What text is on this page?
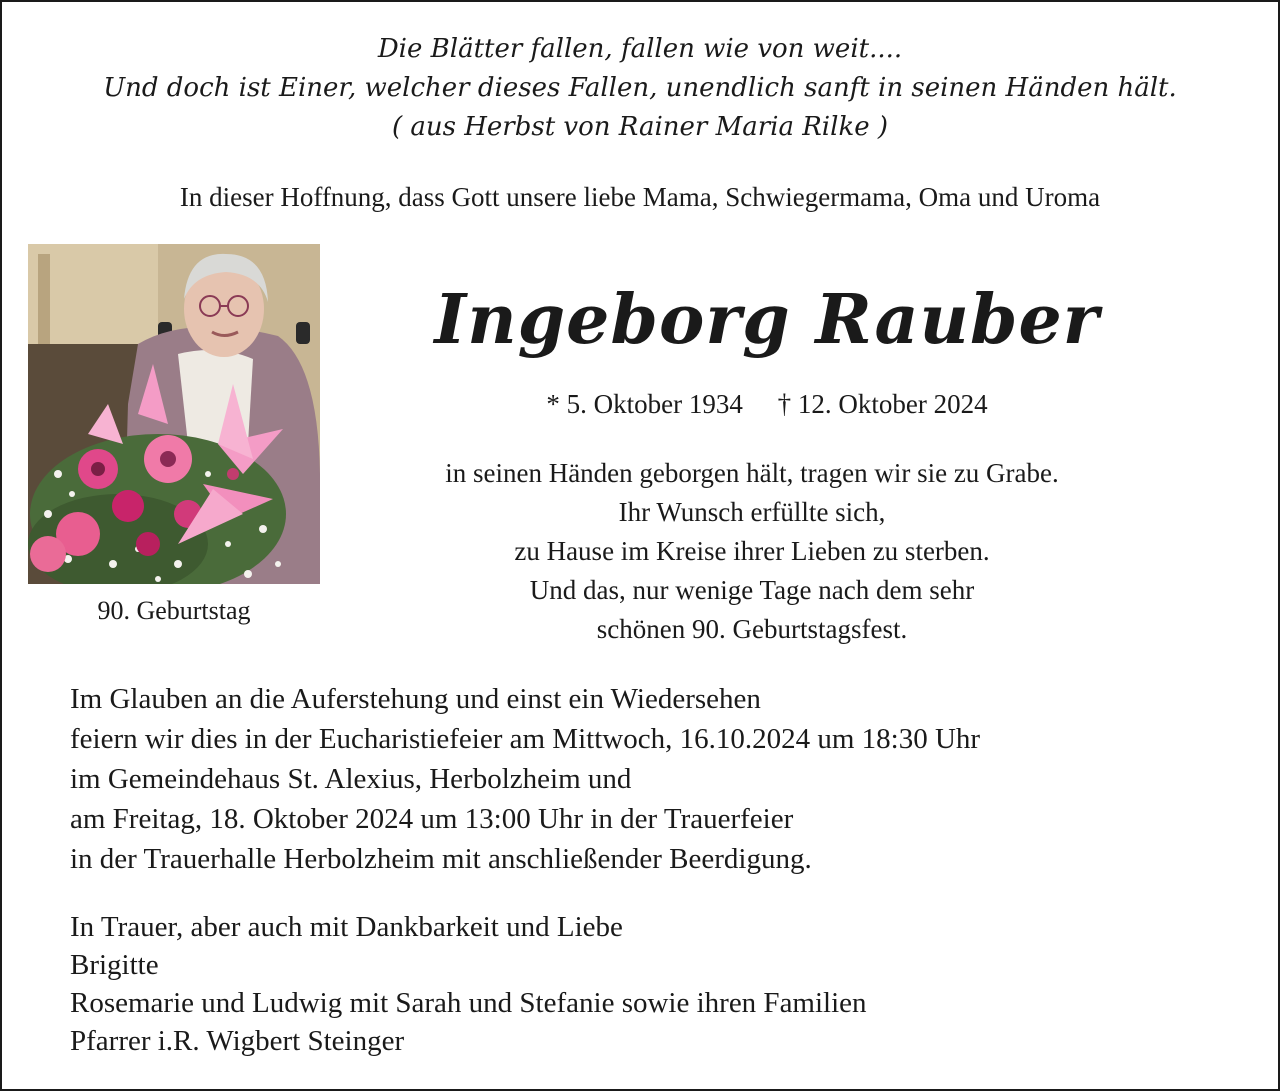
Die Blätter fallen, fallen wie von weit....
Und doch ist Einer, welcher dieses Fallen, unendlich sanft in seinen Händen hält.
( aus Herbst von Rainer Maria Rilke )
In dieser Hoffnung, dass Gott unsere liebe Mama, Schwiegermama, Oma und Uroma
90. Geburtstag
Ingeborg Rauber
* 5. Oktober 1934 † 12. Oktober 2024
in seinen Händen geborgen hält, tragen wir sie zu Grabe.
Ihr Wunsch erfüllte sich,
zu Hause im Kreise ihrer Lieben zu sterben.
Und das, nur wenige Tage nach dem sehr
schönen 90. Geburtstagsfest.
Im Glauben an die Auferstehung und einst ein Wiedersehen
feiern wir dies in der Eucharistiefeier am Mittwoch, 16.10.2024 um 18:30 Uhr
im Gemeindehaus St. Alexius, Herbolzheim und
am Freitag, 18. Oktober 2024 um 13:00 Uhr in der Trauerfeier
in der Trauerhalle Herbolzheim mit anschließender Beerdigung.
In Trauer, aber auch mit Dankbarkeit und Liebe
Brigitte
Rosemarie und Ludwig mit Sarah und Stefanie sowie ihren Familien
Pfarrer i.R. Wigbert Steinger
